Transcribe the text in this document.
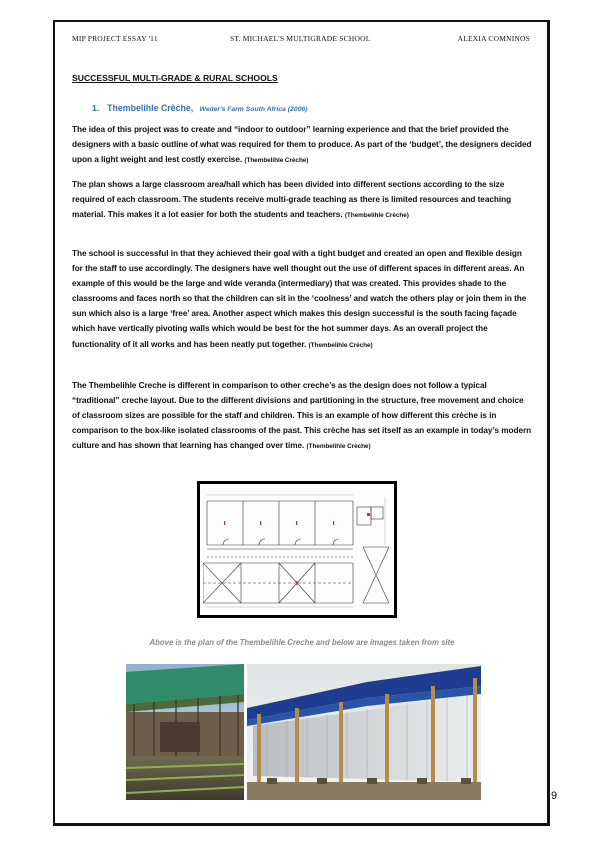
MIP PROJECT ESSAY '11	ST. MICHAEL'S MULTIGRADE SCHOOL	ALEXIA COMNINOS
SUCCESSFUL MULTI-GRADE & RURAL SCHOOLS
1. Thembelihle Crèche, Weiler's Farm South Africa (2006)

The idea of this project was to create and “indoor to outdoor” learning experience and that the brief provided the designers with a basic outline of what was required for them to produce. As part of the ‘budget’, the designers decided upon a light weight and lest costly exercise. (Thembelihle Crèche)

The plan shows a large classroom area/hall which has been divided into different sections according to the size required of each classroom. The students receive multi-grade teaching as there is limited resources and teaching material. This makes it a lot easier for both the students and teachers. (Thembelihle Crèche)

The school is successful in that they achieved their goal with a tight budget and created an open and flexible design for the staff to use accordingly. The designers have well thought out the use of different spaces in different areas. An example of this would be the large and wide veranda (intermediary) that was created. This provides shade to the classrooms and faces north so that the children can sit in the ‘coolness’ and watch the others play or join them in the sun which also is a large ‘free’ area. Another aspect which makes this design successful is the south facing façade which have vertically pivoting walls which would be best for the hot summer days. As an overall project the functionality of it all works and has been neatly put together. (Thembelihle Crèche)

The Thembelihle Creche is different in comparison to other creche’s as the design does not follow a typical “traditional” creche layout. Due to the different divisions and partitioning in the structure, free movement and choice of classroom sizes are possible for the staff and children. This is an example of how different this crèche is in comparison to the box-like isolated classrooms of the past. This crèche has set itself as an example in today’s modern culture and has shown that learning has changed over time. (Thembelihle Crèche)

Above is the plan of the Thembelihle Creche and below are images taken from site
9
